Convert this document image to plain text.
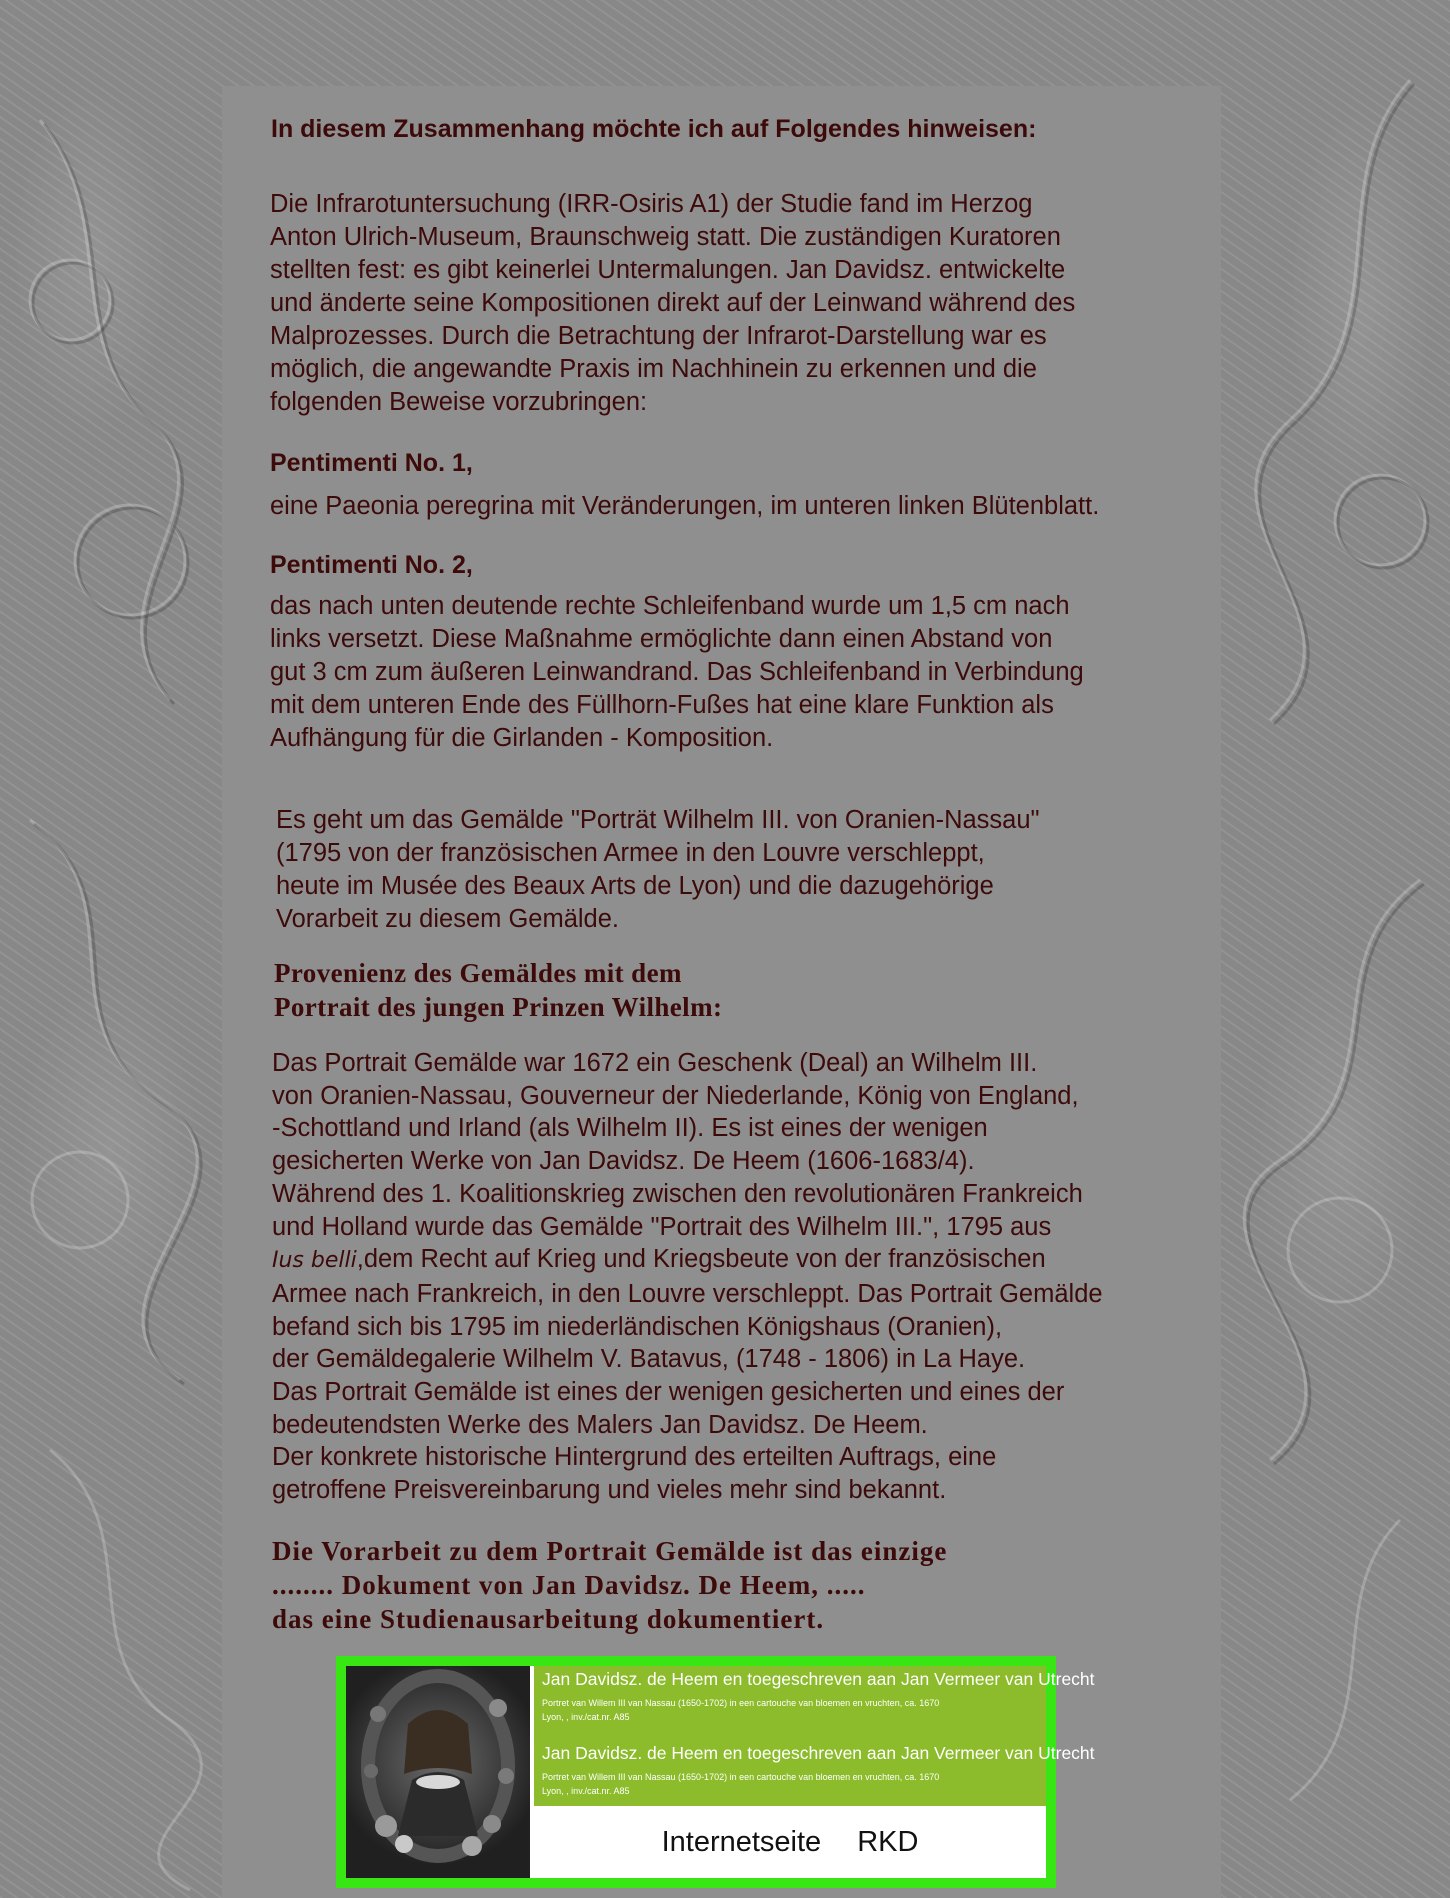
In diesem Zusammenhang möchte ich auf Folgendes hinweisen:
Die Infrarotuntersuchung (IRR-Osiris A1) der Studie fand im Herzog
Anton Ulrich-Museum, Braunschweig statt. Die zuständigen Kuratoren
stellten fest: es gibt keinerlei Untermalungen. Jan Davidsz. entwickelte
und änderte seine Kompositionen direkt auf der Leinwand während des
Malprozesses. Durch die Betrachtung der Infrarot-Darstellung war es
möglich, die angewandte Praxis im Nachhinein zu erkennen und die
folgenden Beweise vorzubringen:
Pentimenti No. 1,
eine Paeonia peregrina mit Veränderungen, im unteren linken Blütenblatt.
Pentimenti No. 2,
das nach unten deutende rechte Schleifenband wurde um 1,5 cm nach
links versetzt. Diese Maßnahme ermöglichte dann einen Abstand von
gut 3 cm zum äußeren Leinwandrand. Das Schleifenband in Verbindung
mit dem unteren Ende des Füllhorn-Fußes hat eine klare Funktion als
Aufhängung für die Girlanden - Komposition.
Es geht um das Gemälde "Porträt Wilhelm III. von Oranien-Nassau"
(1795 von der französischen Armee in den Louvre verschleppt,
heute im Musée des Beaux Arts de Lyon) und die dazugehörige
Vorarbeit zu diesem Gemälde.
Provenienz des Gemäldes mit dem
Portrait des jungen Prinzen Wilhelm:
Das Portrait Gemälde war 1672 ein Geschenk (Deal) an Wilhelm III.
von Oranien-Nassau, Gouverneur der Niederlande, König von England,
-Schottland und Irland (als Wilhelm II). Es ist eines der wenigen
gesicherten Werke von Jan Davidsz. De Heem (1606-1683/4).
Während des 1. Koalitionskrieg zwischen den revolutionären Frankreich
und Holland wurde das Gemälde "Portrait des Wilhelm III.", 1795 aus
Ius belli,dem Recht auf Krieg und Kriegsbeute von der französischen
Armee nach Frankreich, in den Louvre verschleppt. Das Portrait Gemälde
befand sich bis 1795 im niederländischen Königshaus (Oranien),
der Gemäldegalerie Wilhelm V. Batavus, (1748 - 1806) in La Haye.
Das Portrait Gemälde ist eines der wenigen gesicherten und eines der
bedeutendsten Werke des Malers Jan Davidsz. De Heem.
Der konkrete historische Hintergrund des erteilten Auftrags, eine
getroffene Preisvereinbarung und vieles mehr sind bekannt.
Die Vorarbeit zu dem Portrait Gemälde ist das einzige
........ Dokument von Jan Davidsz. De Heem, .....
das eine Studienausarbeitung dokumentiert.
Jan Davidsz. de Heem en toegeschreven aan Jan Vermeer van Utrecht
Portret van Willem III van Nassau (1650-1702) in een cartouche van bloemen en vruchten, ca. 1670
Lyon, , inv./cat.nr. A85
Jan Davidsz. de Heem en toegeschreven aan Jan Vermeer van Utrecht
Portret van Willem III van Nassau (1650-1702) in een cartouche van bloemen en vruchten, ca. 1670
Lyon, , inv./cat.nr. A85
Internetseite RKD
